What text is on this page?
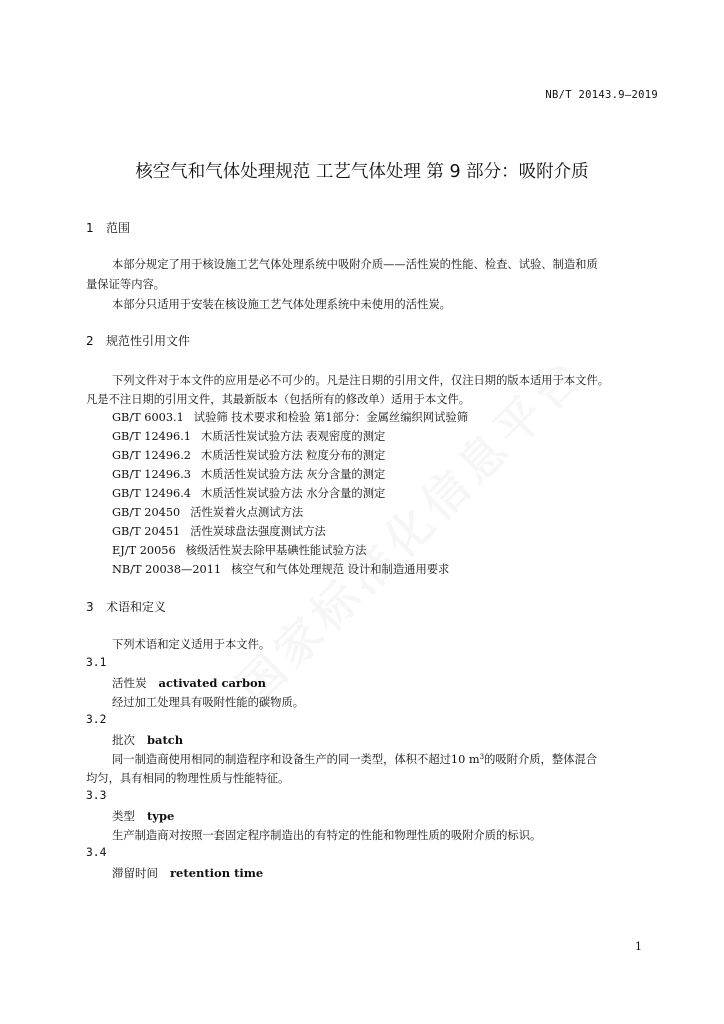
NB/T 20143.9—2019
核空气和气体处理规范 工艺气体处理 第 9 部分：吸附介质
1 范围
本部分规定了用于核设施工艺气体处理系统中吸附介质——活性炭的性能、检查、试验、制造和质
量保证等内容。
本部分只适用于安装在核设施工艺气体处理系统中未使用的活性炭。
2 规范性引用文件
下列文件对于本文件的应用是必不可少的。凡是注日期的引用文件，仅注日期的版本适用于本文件。
凡是不注日期的引用文件，其最新版本（包括所有的修改单）适用于本文件。
GB/T 6003.1 试验筛 技术要求和检验 第1部分：金属丝编织网试验筛
GB/T 12496.1 木质活性炭试验方法 表观密度的测定
GB/T 12496.2 木质活性炭试验方法 粒度分布的测定
GB/T 12496.3 木质活性炭试验方法 灰分含量的测定
GB/T 12496.4 木质活性炭试验方法 水分含量的测定
GB/T 20450 活性炭着火点测试方法
GB/T 20451 活性炭球盘法强度测试方法
EJ/T 20056 核级活性炭去除甲基碘性能试验方法
NB/T 20038—2011 核空气和气体处理规范 设计和制造通用要求
3 术语和定义
下列术语和定义适用于本文件。
3.1
活性炭 activated carbon
经过加工处理具有吸附性能的碳物质。
3.2
批次 batch
同一制造商使用相同的制造程序和设备生产的同一类型，体积不超过10 $m^3$的吸附介质，整体混合
均匀，具有相同的物理性质与性能特征。
3.3
类型 type
生产制造商对按照一套固定程序制造出的有特定的性能和物理性质的吸附介质的标识。
3.4
滞留时间 retention time
1
